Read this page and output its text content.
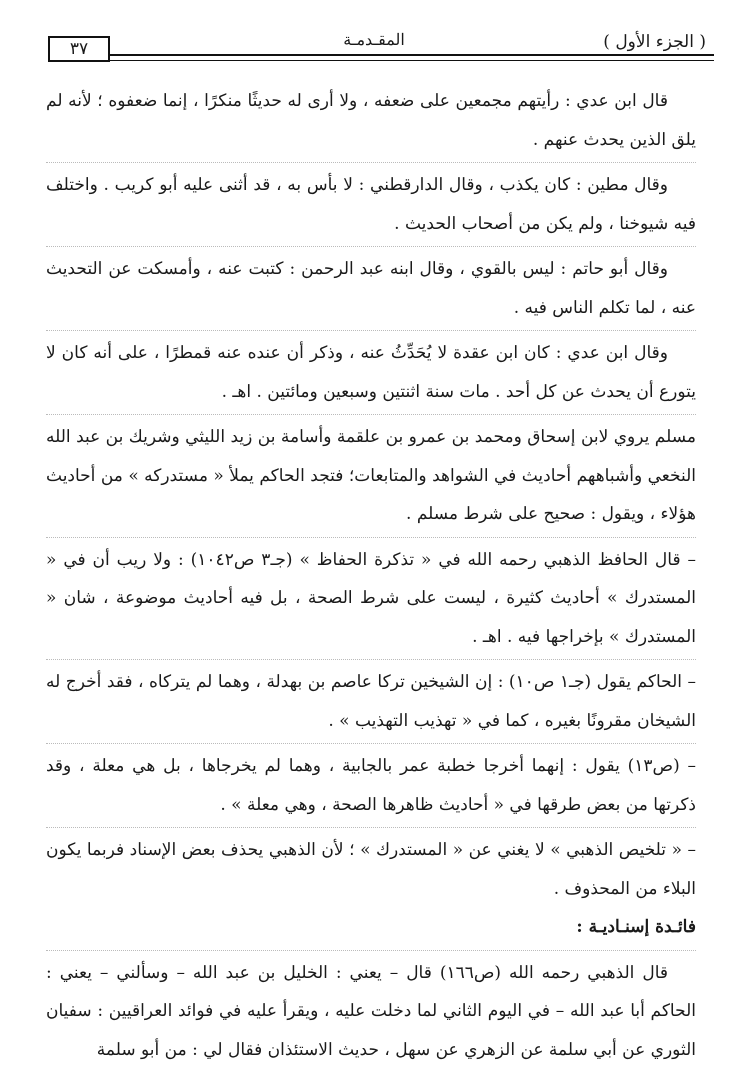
( الجزء الأول )
المقـدمـة
٣٧

قال ابن عدي : رأيتهم مجمعين على ضعفه ، ولا أرى له حديثًا منكرًا ، إنما ضعفوه ؛ لأنه لم يلق الذين يحدث عنهم .

وقال مطين : كان يكذب ، وقال الدارقطني : لا بأس به ، قد أثنى عليه أبو كريب . واختلف فيه شيوخنا ، ولم يكن من أصحاب الحديث .

وقال أبو حاتم : ليس بالقوي ، وقال ابنه عبد الرحمن : كتبت عنه ، وأمسكت عن التحديث عنه ، لما تكلم الناس فيه .

وقال ابن عدي : كان ابن عقدة لا يُحَدِّثُ عنه ، وذكر أن عنده عنه قمطرًا ، على أنه كان لا يتورع أن يحدث عن كل أحد . مات سنة اثنتين وسبعين ومائتين . اهـ .

مسلم يروي لابن إسحاق ومحمد بن عمرو بن علقمة وأسامة بن زيد الليثي وشريك بن عبد الله النخعي وأشباههم أحاديث في الشواهد والمتابعات؛ فتجد الحاكم يملأ « مستدركه » من أحاديث هؤلاء ، ويقول : صحيح على شرط مسلم .

– قال الحافظ الذهبي رحمه الله في « تذكرة الحفاظ » (جـ٣ ص١٠٤٢) : ولا ريب أن في « المستدرك » أحاديث كثيرة ، ليست على شرط الصحة ، بل فيه أحاديث موضوعة ، شان « المستدرك » بإخراجها فيه . اهـ .

– الحاكم يقول (جـ١ ص١٠) : إن الشيخين تركا عاصم بن بهدلة ، وهما لم يتركاه ، فقد أخرج له الشيخان مقرونًا بغيره ، كما في « تهذيب التهذيب » .

– (ص١٣) يقول : إنهما أخرجا خطبة عمر بالجابية ، وهما لم يخرجاها ، بل هي معلة ، وقد ذكرتها من بعض طرقها في « أحاديث ظاهرها الصحة ، وهي معلة » .

– « تلخيص الذهبي » لا يغني عن « المستدرك » ؛ لأن الذهبي يحذف بعض الإسناد فربما يكون البلاء من المحذوف .

فائـدة إسنـاديـة :

قال الذهبي رحمه الله (ص١٦٦) قال – يعني : الخليل بن عبد الله – وسألني – يعني : الحاكم أبا عبد الله – في اليوم الثاني لما دخلت عليه ، ويقرأ عليه في فوائد العراقيين : سفيان الثوري عن أبي سلمة عن الزهري عن سهل ، حديث الاستئذان فقال لي : من أبو سلمة
